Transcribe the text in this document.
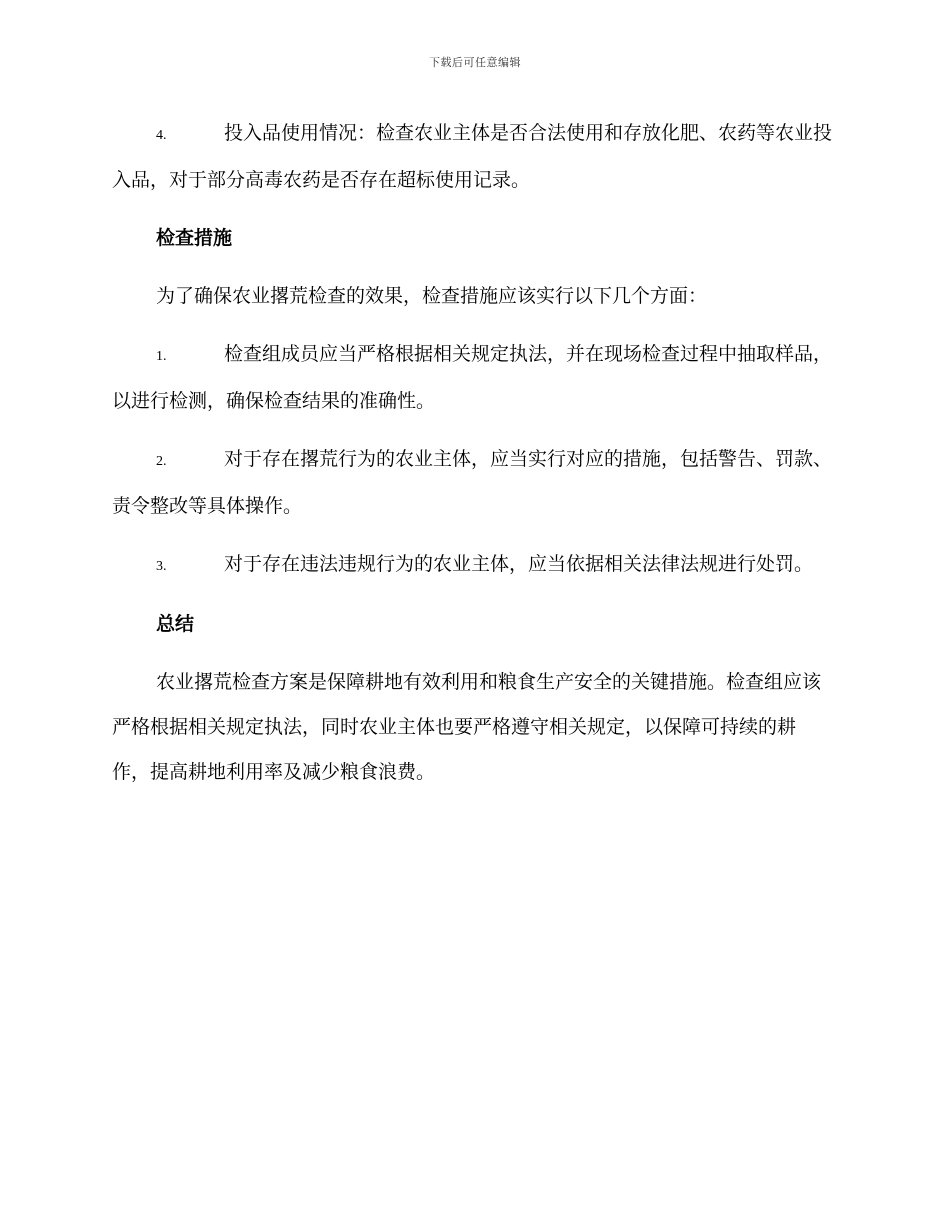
下载后可任意编辑

4.	投入品使用情况：检查农业主体是否合法使用和存放化肥、农药等农业投入品，对于部分高毒农药是否存在超标使用记录。

检查措施

为了确保农业撂荒检查的效果，检查措施应该实行以下几个方面：

1.	检查组成员应当严格根据相关规定执法，并在现场检查过程中抽取样品，以进行检测，确保检查结果的准确性。

2.	对于存在撂荒行为的农业主体，应当实行对应的措施，包括警告、罚款、责令整改等具体操作。

3.	对于存在违法违规行为的农业主体，应当依据相关法律法规进行处罚。

总结

农业撂荒检查方案是保障耕地有效利用和粮食生产安全的关键措施。检查组应该严格根据相关规定执法，同时农业主体也要严格遵守相关规定，以保障可持续的耕作，提高耕地利用率及减少粮食浪费。
